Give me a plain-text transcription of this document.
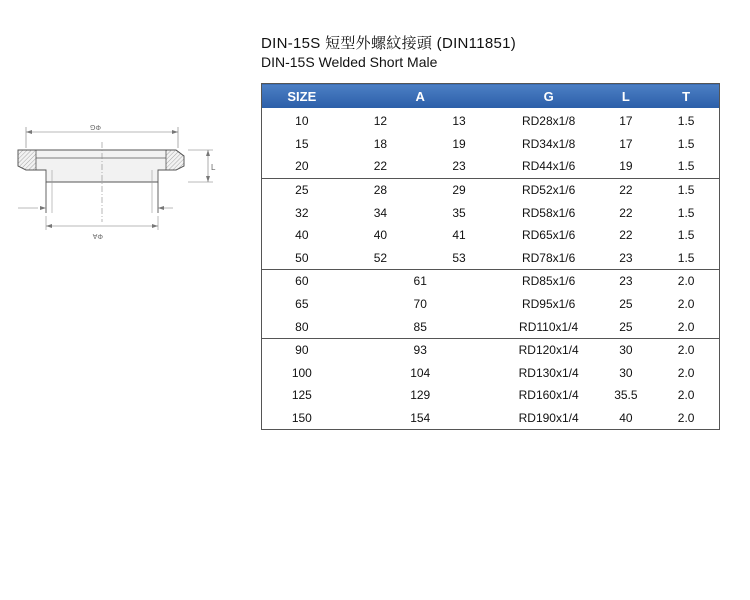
DIN-15S 短型外螺紋接頭 (DIN11851)
DIN-15S Welded Short Male
ΦG
L
ΦA
SIZE	A		G	L	T
10	12	13	RD28x1/8	17	1.5
15	18	19	RD34x1/8	17	1.5
20	22	23	RD44x1/6	19	1.5
25	28	29	RD52x1/6	22	1.5
32	34	35	RD58x1/6	22	1.5
40	40	41	RD65x1/6	22	1.5
50	52	53	RD78x1/6	23	1.5
60	61		RD85x1/6	23	2.0
65	70		RD95x1/6	25	2.0
80	85		RD110x1/4	25	2.0
90	93		RD120x1/4	30	2.0
100	104		RD130x1/4	30	2.0
125	129		RD160x1/4	35.5	2.0
150	154		RD190x1/4	40	2.0
